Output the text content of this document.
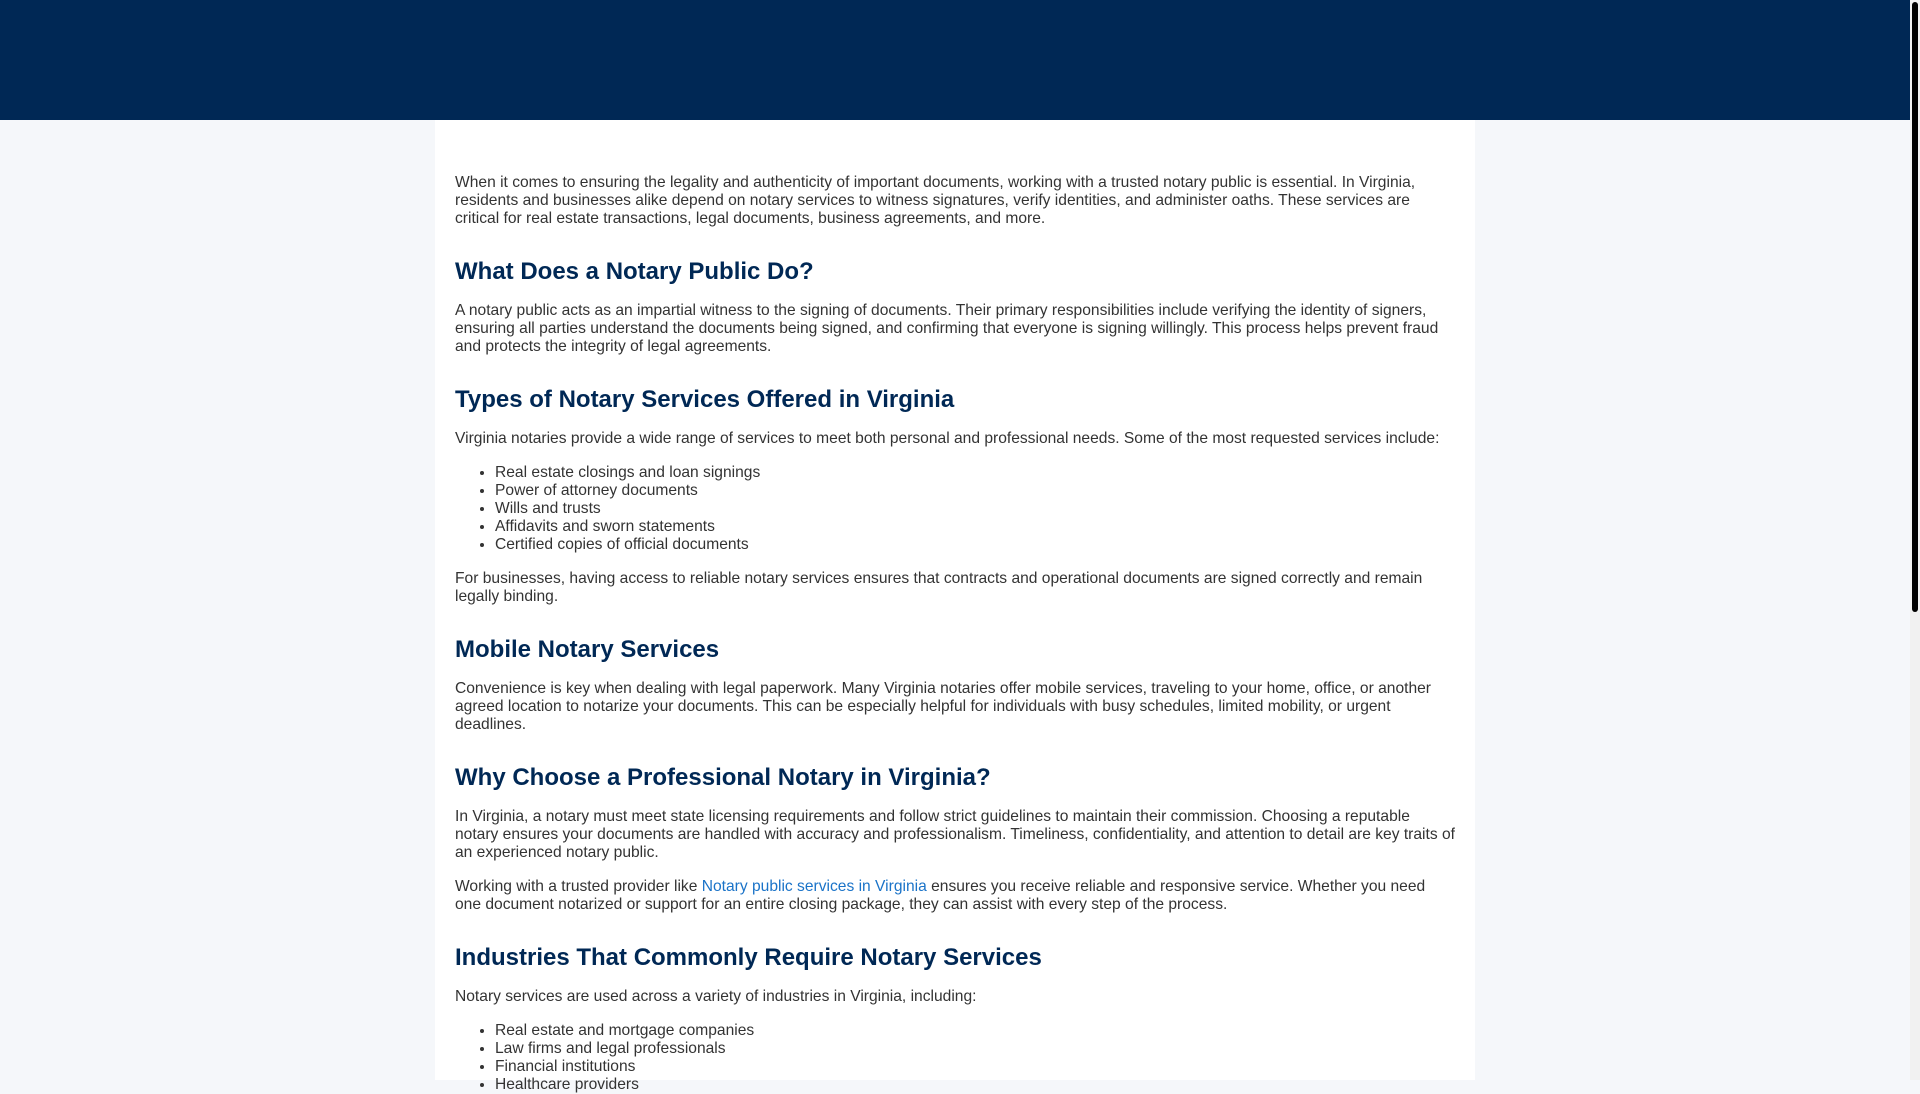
When it comes to ensuring the legality and authenticity of important documents, working with a trusted notary public is essential. In Virginia, residents and businesses alike depend on notary services to witness signatures, verify identities, and administer oaths. These services are critical for real estate transactions, legal documents, business agreements, and more.

What Does a Notary Public Do?

A notary public acts as an impartial witness to the signing of documents. Their primary responsibilities include verifying the identity of signers, ensuring all parties understand the documents being signed, and confirming that everyone is signing willingly. This process helps prevent fraud and protects the integrity of legal agreements.

Types of Notary Services Offered in Virginia

Virginia notaries provide a wide range of services to meet both personal and professional needs. Some of the most requested services include:

• Real estate closings and loan signings
• Power of attorney documents
• Wills and trusts
• Affidavits and sworn statements
• Certified copies of official documents

For businesses, having access to reliable notary services ensures that contracts and operational documents are signed correctly and remain legally binding.

Mobile Notary Services

Convenience is key when dealing with legal paperwork. Many Virginia notaries offer mobile services, traveling to your home, office, or another agreed location to notarize your documents. This can be especially helpful for individuals with busy schedules, limited mobility, or urgent deadlines.

Why Choose a Professional Notary in Virginia?

In Virginia, a notary must meet state licensing requirements and follow strict guidelines to maintain their commission. Choosing a reputable notary ensures your documents are handled with accuracy and professionalism. Timeliness, confidentiality, and attention to detail are key traits of an experienced notary public.

Working with a trusted provider like Notary public services in Virginia ensures you receive reliable and responsive service. Whether you need one document notarized or support for an entire closing package, they can assist with every step of the process.

Industries That Commonly Require Notary Services

Notary services are used across a variety of industries in Virginia, including:

• Real estate and mortgage companies
• Law firms and legal professionals
• Financial institutions
• Healthcare providers
